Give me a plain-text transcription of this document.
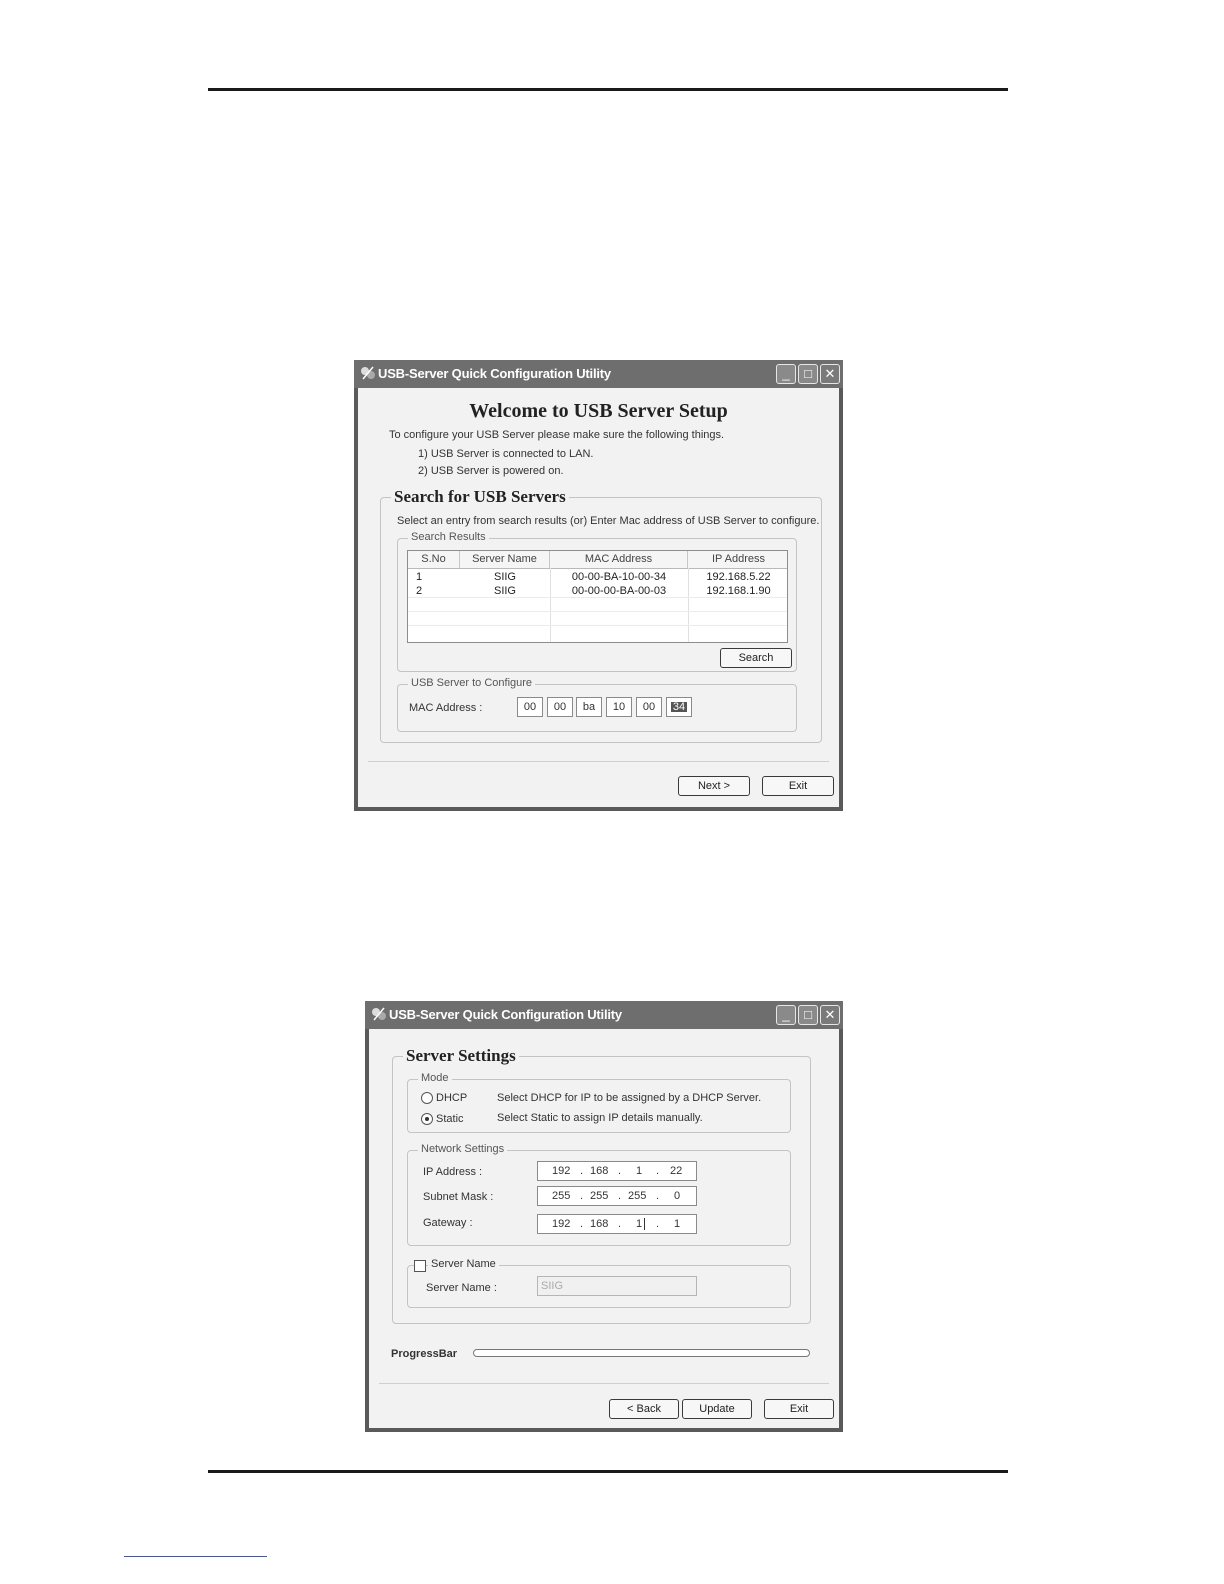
USB-Server Quick Configuration Utility	_	□ ✕
Welcome to USB Server Setup
To configure your USB Server please make sure the following things.
1) USB Server is connected to LAN.
2) USB Server is powered on.
Search for USB Servers
Select an entry from search results (or) Enter Mac address of USB Server to configure.
Search Results
S.No	Server Name	MAC Address	IP Address
1	SIIG	00-00-BA-10-00-34	192.168.5.22
2	SIIG	00-00-00-BA-00-03	192.168.1.90
Search
USB Server to Configure
MAC Address :	00	00	ba	10	00	34
Next >	Exit
USB-Server Quick Configuration Utility	_	□ ✕
Server Settings
Mode
DHCP	Select DHCP for IP to be assigned by a DHCP Server.
Static	Select Static to assign IP details manually.
Network Settings
IP Address :	192 . 168 . 1 . 22
Subnet Mask :	255 . 255 . 255 . 0
Gateway :	192 . 168 . 1 . 1
Server Name
Server Name :	SIIG
ProgressBar
< Back	Update	Exit
